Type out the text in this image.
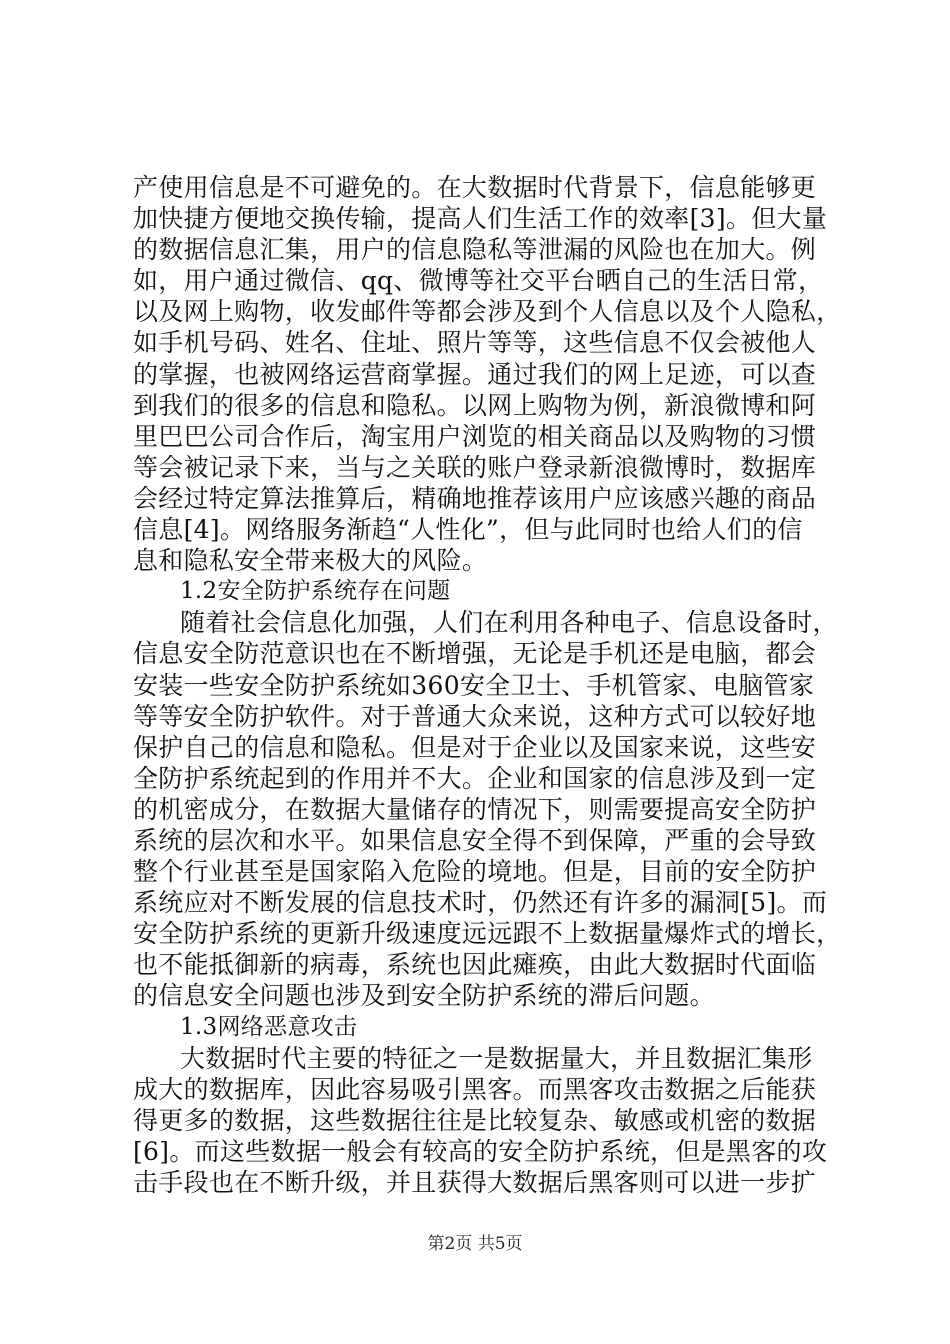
产使用信息是不可避免的。在大数据时代背景下，信息能够更
加快捷方便地交换传输，提高人们生活工作的效率[3]。但大量
的数据信息汇集，用户的信息隐私等泄漏的风险也在加大。例
如，用户通过微信、qq、微博等社交平台晒自己的生活日常，
以及网上购物，收发邮件等都会涉及到个人信息以及个人隐私，
如手机号码、姓名、住址、照片等等，这些信息不仅会被他人
的掌握，也被网络运营商掌握。通过我们的网上足迹，可以查
到我们的很多的信息和隐私。以网上购物为例，新浪微博和阿
里巴巴公司合作后，淘宝用户浏览的相关商品以及购物的习惯
等会被记录下来，当与之关联的账户登录新浪微博时，数据库
会经过特定算法推算后，精确地推荐该用户应该感兴趣的商品
信息[4]。网络服务渐趋“人性化”，但与此同时也给人们的信
息和隐私安全带来极大的风险。
1.2安全防护系统存在问题
随着社会信息化加强，人们在利用各种电子、信息设备时，
信息安全防范意识也在不断增强，无论是手机还是电脑，都会
安装一些安全防护系统如360安全卫士、手机管家、电脑管家
等等安全防护软件。对于普通大众来说，这种方式可以较好地
保护自己的信息和隐私。但是对于企业以及国家来说，这些安
全防护系统起到的作用并不大。企业和国家的信息涉及到一定
的机密成分，在数据大量储存的情况下，则需要提高安全防护
系统的层次和水平。如果信息安全得不到保障，严重的会导致
整个行业甚至是国家陷入危险的境地。但是，目前的安全防护
系统应对不断发展的信息技术时，仍然还有许多的漏洞[5]。而
安全防护系统的更新升级速度远远跟不上数据量爆炸式的增长，
也不能抵御新的病毒，系统也因此瘫痪，由此大数据时代面临
的信息安全问题也涉及到安全防护系统的滞后问题。
1.3网络恶意攻击
大数据时代主要的特征之一是数据量大，并且数据汇集形
成大的数据库，因此容易吸引黑客。而黑客攻击数据之后能获
得更多的数据，这些数据往往是比较复杂、敏感或机密的数据
[6]。而这些数据一般会有较高的安全防护系统，但是黑客的攻
击手段也在不断升级，并且获得大数据后黑客则可以进一步扩
第2页 共5页
